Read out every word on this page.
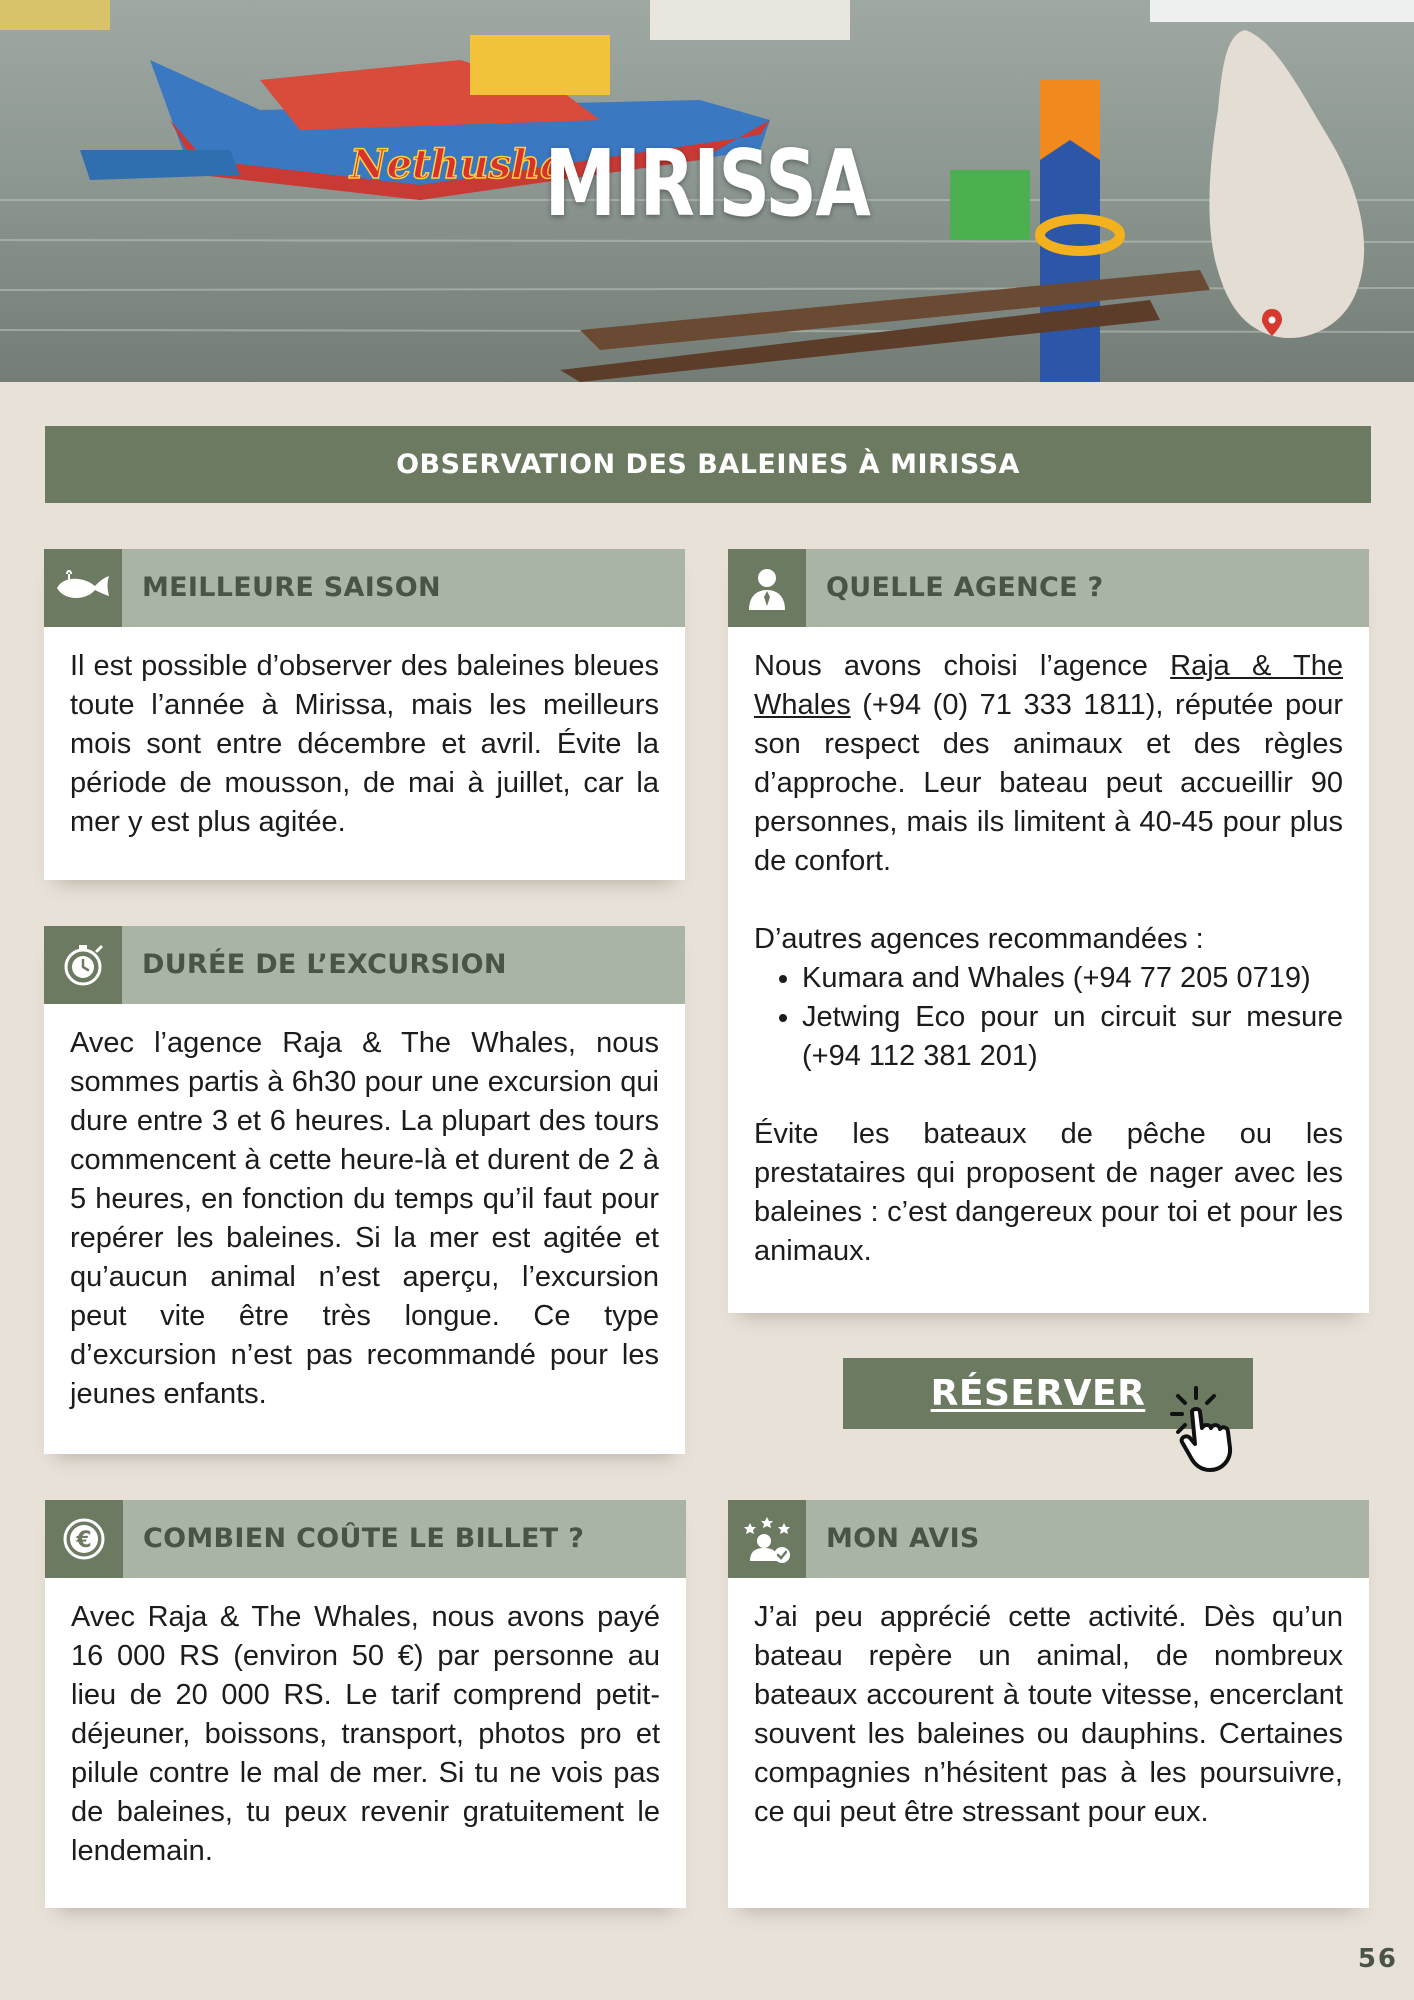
Nethusha
MIRISSA
OBSERVATION DES BALEINES À MIRISSA
MEILLEURE SAISON
Il est possible d’observer des baleines bleues toute l’année à Mirissa, mais les meilleurs mois sont entre décembre et avril. Évite la période de mousson, de mai à juillet, car la mer y est plus agitée.
DURÉE DE L’EXCURSION
Avec l’agence Raja & The Whales, nous sommes partis à 6h30 pour une excursion qui dure entre 3 et 6 heures. La plupart des tours commencent à cette heure-là et durent de 2 à 5 heures, en fonction du temps qu’il faut pour repérer les baleines. Si la mer est agitée et qu’aucun animal n’est aperçu, l’excursion peut vite être très longue. Ce type d’excursion n’est pas recommandé pour les jeunes enfants.
€ COMBIEN COÛTE LE BILLET ?
Avec Raja & The Whales, nous avons payé 16 000 RS (environ 50 €) par personne au lieu de 20 000 RS. Le tarif comprend petit-déjeuner, boissons, transport, photos pro et pilule contre le mal de mer. Si tu ne vois pas de baleines, tu peux revenir gratuitement le lendemain.
QUELLE AGENCE ?

Nous avons choisi l’agence Raja & The Whales (+94 (0) 71 333 1811), réputée pour son respect des animaux et des règles d’approche. Leur bateau peut accueillir 90 personnes, mais ils limitent à 40-45 pour plus de confort.

D’autres agences recommandées :

• Kumara and Whales (+94 77 205 0719)
• Jetwing Eco pour un circuit sur mesure (+94 112 381 201)

Évite les bateaux de pêche ou les prestataires qui proposent de nager avec les baleines : c’est dangereux pour toi et pour les animaux.

RÉSERVER
MON AVIS
J’ai peu apprécié cette activité. Dès qu’un bateau repère un animal, de nombreux bateaux accourent à toute vitesse, encerclant souvent les baleines ou dauphins. Certaines compagnies n’hésitent pas à les poursuivre, ce qui peut être stressant pour eux.
56
